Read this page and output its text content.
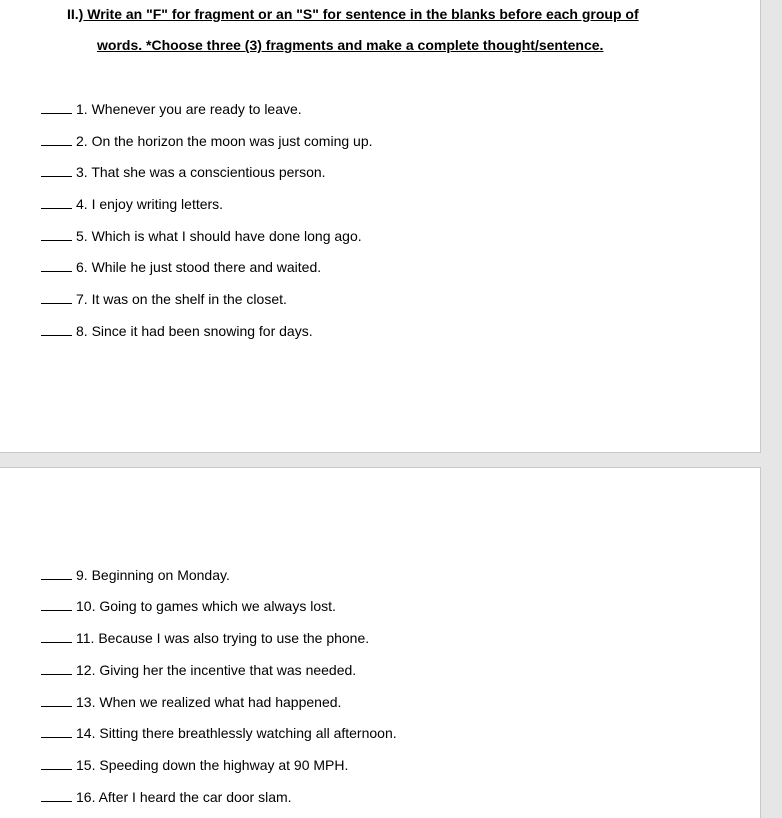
II.) Write an "F" for fragment or an "S" for sentence in the blanks before each group of
words. *Choose three (3) fragments and make a complete thought/sentence.
1. Whenever you are ready to leave.
2. On the horizon the moon was just coming up.
3. That she was a conscientious person.
4. I enjoy writing letters.
5. Which is what I should have done long ago.
6. While he just stood there and waited.
7. It was on the shelf in the closet.
8. Since it had been snowing for days.
9. Beginning on Monday.
10. Going to games which we always lost.
11. Because I was also trying to use the phone.
12. Giving her the incentive that was needed.
13. When we realized what had happened.
14. Sitting there breathlessly watching all afternoon.
15. Speeding down the highway at 90 MPH.
16. After I heard the car door slam.
